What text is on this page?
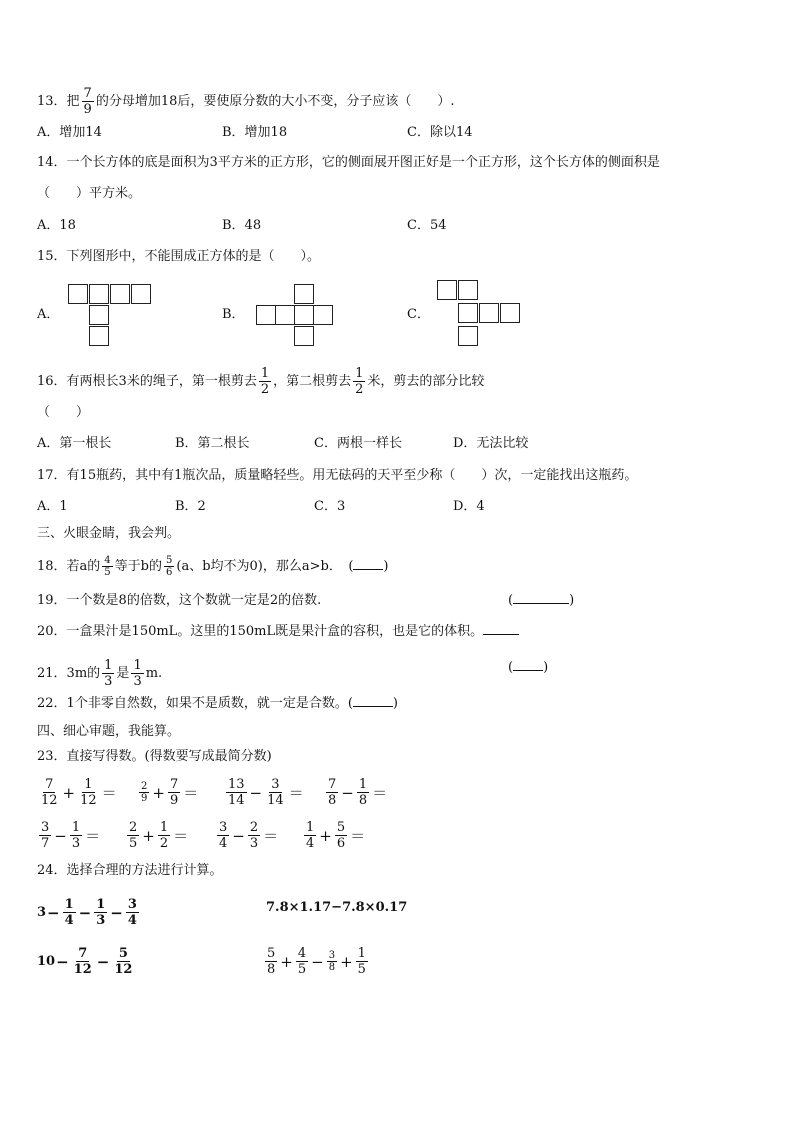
13．把 $\frac{7}{9}$ 的分母增加18后，要使原分数的大小不变，分子应该（　　）.
A．增加14	B．增加18	C．除以14
14．一个长方体的底是面积为3平方米的正方形，它的侧面展开图正好是一个正方形，这个长方体的侧面积是
（　　）平方米。
A．18	B．48	C．54
15．下列图形中，不能围成正方体的是（　　）。
A．	B．	C．
16．有两根长3米的绳子，第一根剪去 $\frac{1}{2}$ ，第二根剪去 $\frac{1}{2}$ 米，剪去的部分比较
（　　）
A．第一根长	B．第二根长	C．两根一样长	D．无法比较
17．有15瓶药，其中有1瓶次品，质量略轻些。用无砝码的天平至少称（　　）次，一定能找出这瓶药。
A．1	B．2	C．3	D．4
三、火眼金睛，我会判。
18．若a的 $\frac{4}{5}$ 等于b的 $\frac{5}{6} (a$、b均不为0)，那么a>b．　( )
19．一个数是8的倍数，这个数就一定是2的倍数.	(	)
20．一盒果汁是150mL。这里的150mL既是果汁盒的容积，也是它的体积。
21．3m的 $\frac{1}{3}$ 是 $\frac{1}{3} m$.	( )
22．1个非零自然数，如果不是质数，就一定是合数。(	)
四、细心审题，我能算。
23．直接写得数。(得数要写成最简分数)
$\frac{7}{12} + \frac{1}{12} = \frac{2}{9} + \frac{7}{9} = \frac{13}{14} - \frac{3}{14} = \frac{7}{8} - \frac{1}{8}$ ＝
$\frac{3}{7} - \frac{1}{3} = \frac{2}{5} + \frac{1}{2} = \frac{3}{4} - \frac{2}{3} = \frac{1}{4} + \frac{5}{6}$ ＝
24．选择合理的方法进行计算。
$3- \frac{1}{4} - \frac{1}{3} - \frac{3}{4}$	7.8×1.17−7.8×0.17
$10- \frac{7}{12} - \frac{5}{12}$	$\frac{5}{8} + \frac{4}{5} - \frac{3}{8} + \frac{1}{5}$
